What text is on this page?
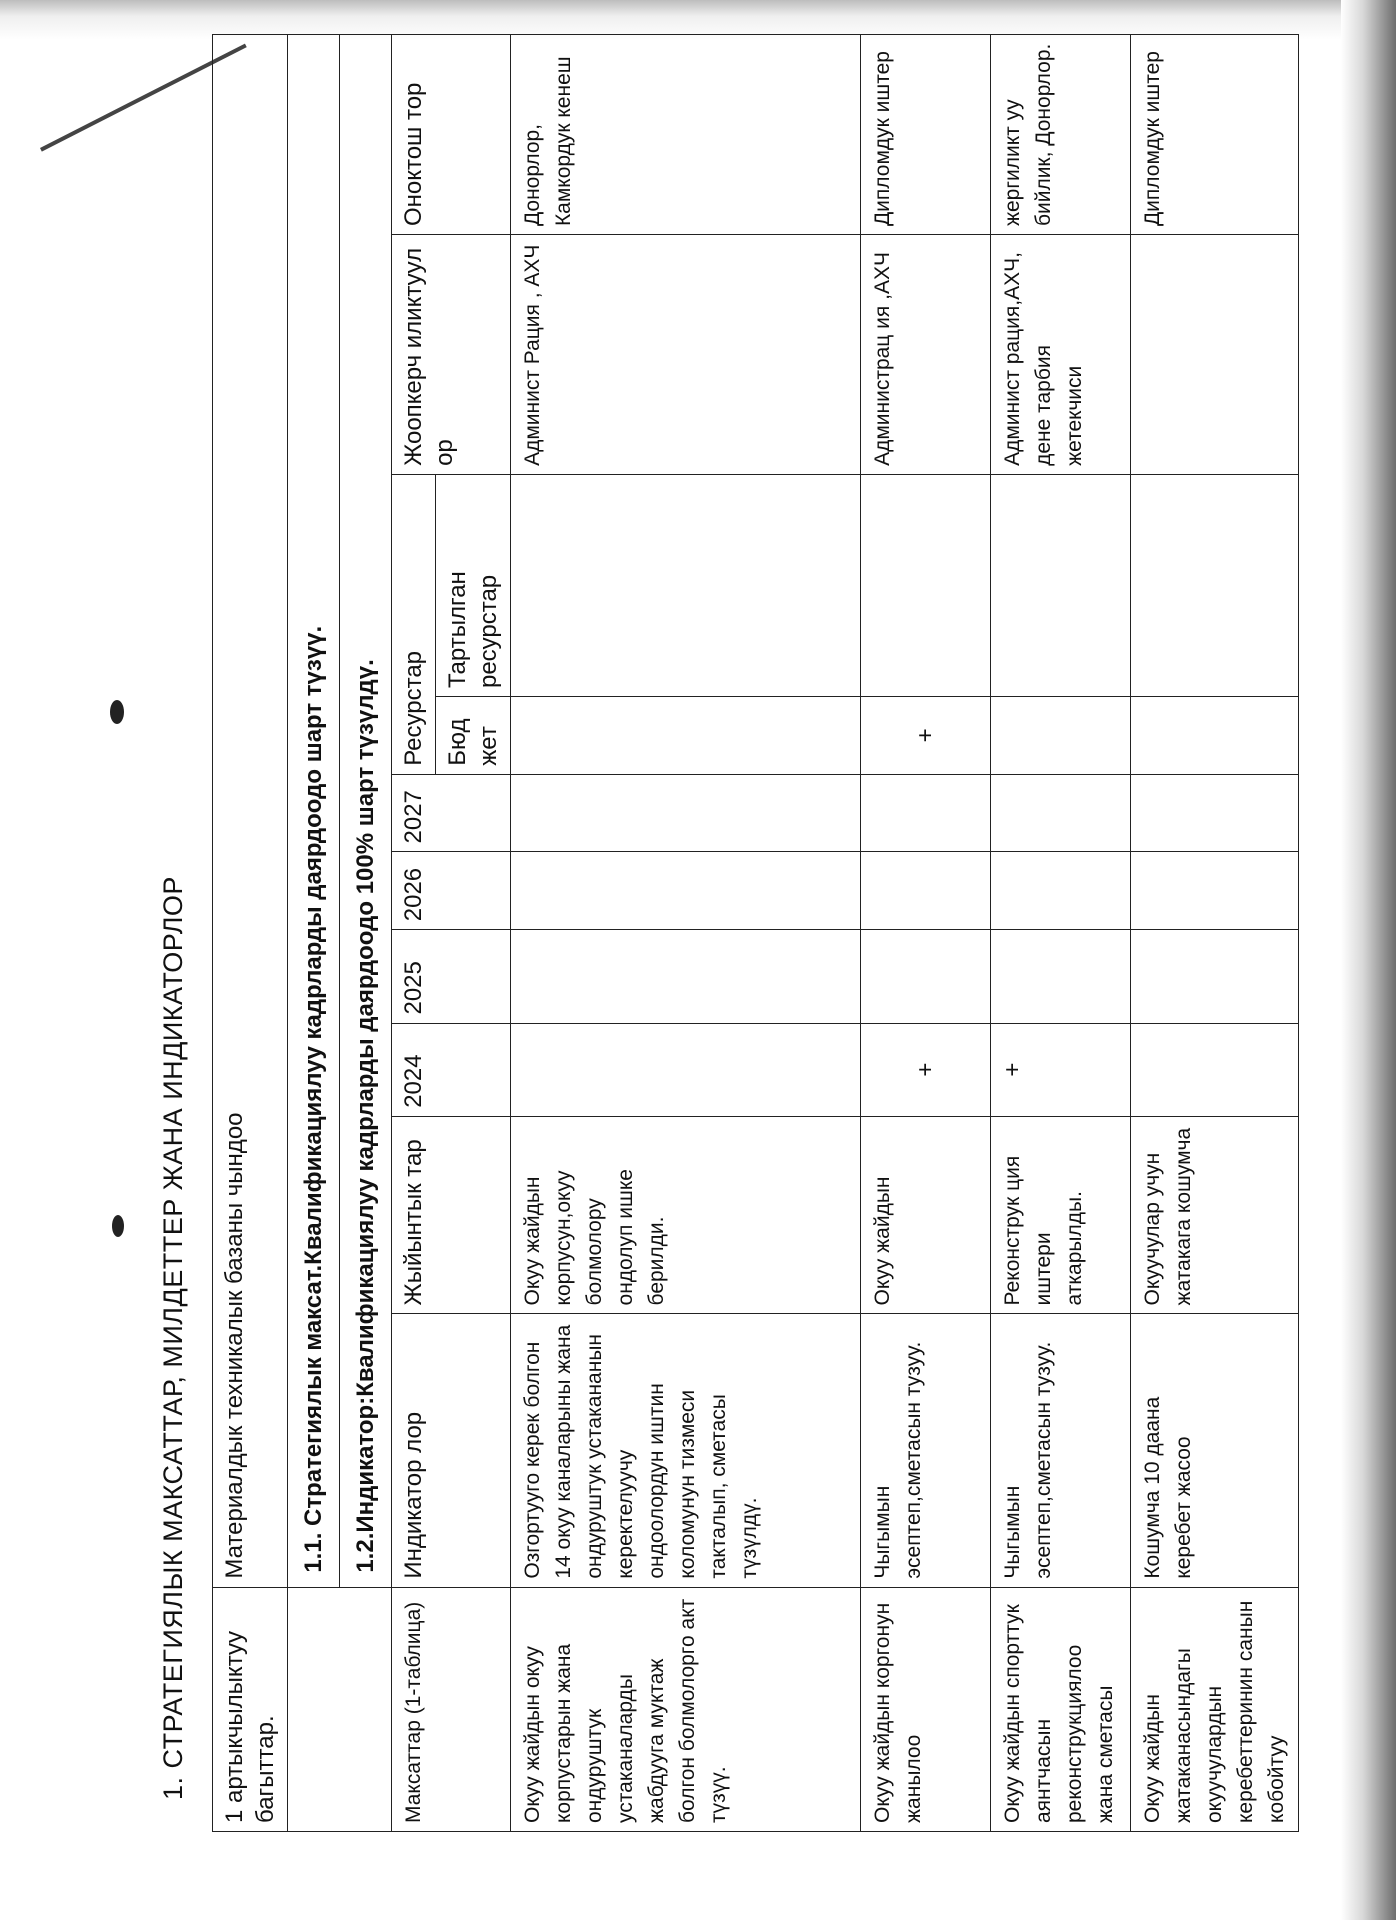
1. СТРАТЕГИЯЛЫК МАКСАТТАР, МИЛДЕТТЕР ЖАНА ИНДИКАТОРЛОР 1 артыкчылыктуу багыттар.	Материалдык техникалык базаны чындоо									
	1.1. Стратегиялык максат.Квалификациялуу кадрларды даярдоодо шарт түзүү.									
	1.2.Индикатор:Квалификациялуу кадрларды даярдоодо 100% шарт түзүлдү.									
Максаттар (1-таблица)	Индикатор лор	Жыйынтык тар	2024	2025	2026	2027	Ресурстар		Жоопкерч иликтуул ор	Оноктош тор
							Бюд жет	Тартылган ресурстар		
Окуу жайдын окуу корпустарын жана ондуруштук устаканаларды жабдууга муктаж болгон болмолорго акт түзүү.	Озгортууго керек болгон 14 окуу каналарыны жана ондуруштук устакананын керектелуучу ондоолордун иштин коломунун тизмеси такталып, сметасы түзүлдү.	Окуу жайдын корпусун,окуу болмолору ондолуп ишке берилди.							Админист Рация , АХЧ	Донорлор, Камкордук кенеш
Окуу жайдын коргонун жанылоо	Чыгымын эсептеп,сметасын тузуу.	Окуу жайдын	+				+		Администрац ия ,АХЧ	Дипломдук иштер
Окуу жайдын спорттук аянтчасын реконструкциялоо жана сметасы	Чыгымын эсептеп,сметасын тузуу.	Реконструк ция иштери аткарылды.	+						Админист рация,АХЧ, дене тарбия жетекчиси	жергиликт уу бийлик, Донорлор.
Окуу жайдын жатаканасындагы окуучулардын керебеттеринин санын кобойтуу	Кошумча 10 даана керебет жасоо	Окуучулар учун жатакага кошумча								Дипломдук иштер
